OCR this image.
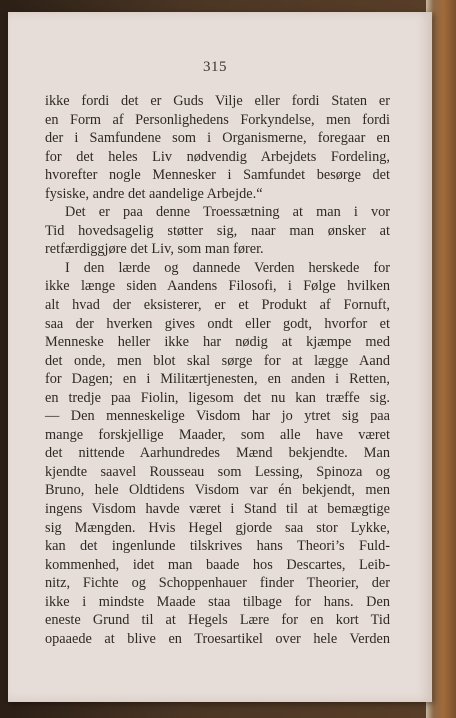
315
ikke fordi det er Guds Vilje eller fordi Staten er
en Form af Personlighedens Forkyndelse, men fordi
der i Samfundene som i Organismerne, foregaar en
for det heles Liv nødvendig Arbejdets Fordeling,
hvorefter nogle Mennesker i Samfundet besørge det
fysiske, andre det aandelige Arbejde.“
Det er paa denne Troessætning at man i vor
Tid hovedsagelig støtter sig, naar man ønsker at
retfærdiggjøre det Liv, som man fører.
I den lærde og dannede Verden herskede for
ikke længe siden Aandens Filosofi, i Følge hvilken
alt hvad der eksisterer, er et Produkt af Fornuft,
saa der hverken gives ondt eller godt, hvorfor et
Menneske heller ikke har nødig at kjæmpe med
det onde, men blot skal sørge for at lægge Aand
for Dagen; en i Militærtjenesten, en anden i Retten,
en tredje paa Fiolin, ligesom det nu kan træffe sig.
— Den menneskelige Visdom har jo ytret sig paa
mange forskjellige Maader, som alle have været
det nittende Aarhundredes Mænd bekjendte. Man
kjendte saavel Rousseau som Lessing, Spinoza og
Bruno, hele Oldtidens Visdom var én bekjendt, men
ingens Visdom havde været i Stand til at bemægtige
sig Mængden. Hvis Hegel gjorde saa stor Lykke,
kan det ingenlunde tilskrives hans Theori’s Fuld-
kommenhed, idet man baade hos Descartes, Leib-
nitz, Fichte og Schoppenhauer finder Theorier, der
ikke i mindste Maade staa tilbage for hans. Den
eneste Grund til at Hegels Lære for en kort Tid
opaaede at blive en Troesartikel over hele Verden
